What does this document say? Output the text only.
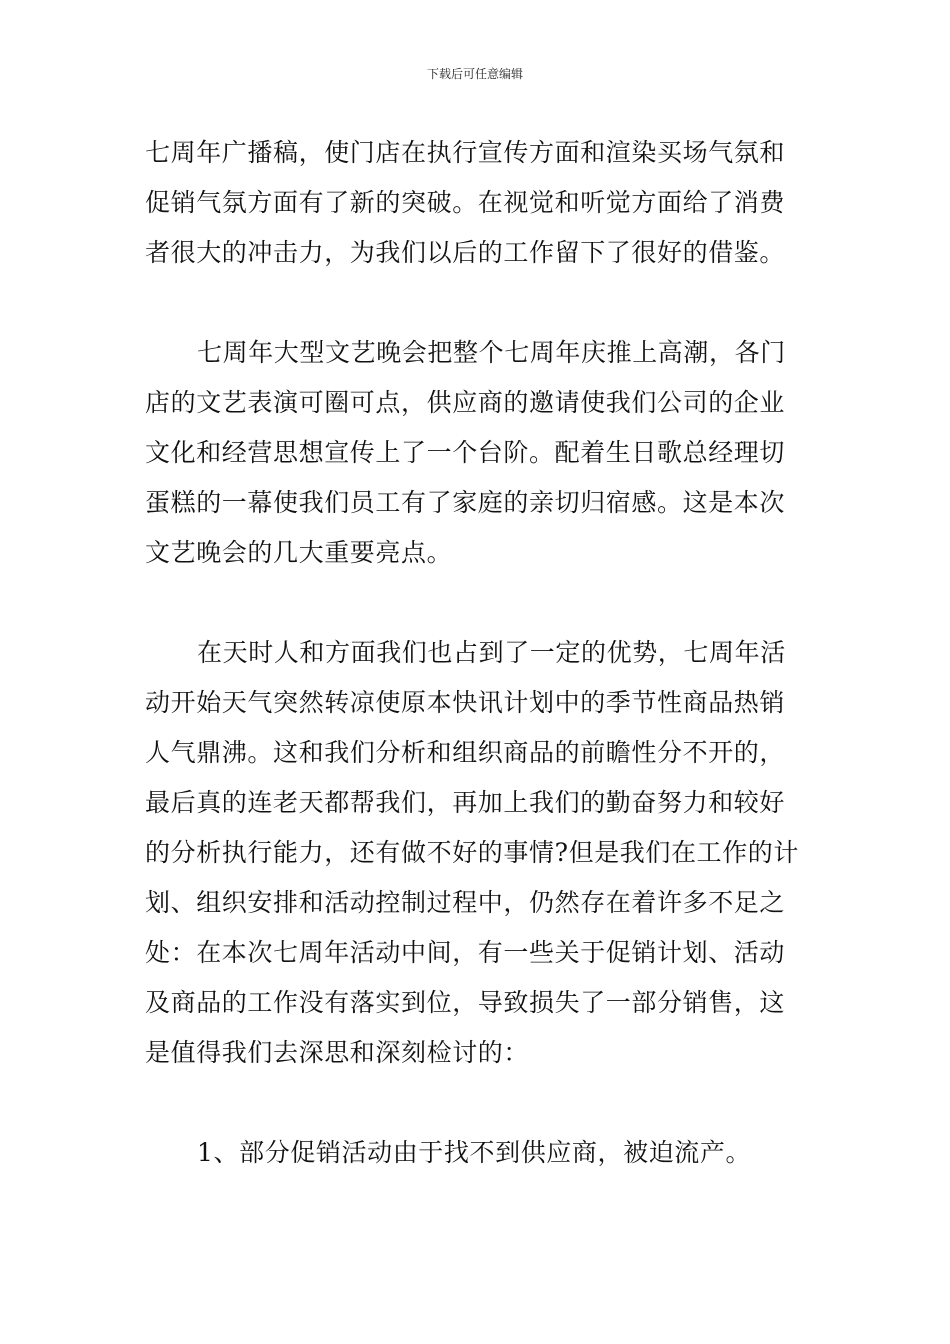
下载后可任意编辑

七周年广播稿，使门店在执行宣传方面和渲染买场气氛和
促销气氛方面有了新的突破。在视觉和听觉方面给了消费
者很大的冲击力，为我们以后的工作留下了很好的借鉴。

七周年大型文艺晚会把整个七周年庆推上高潮，各门
店的文艺表演可圈可点，供应商的邀请使我们公司的企业
文化和经营思想宣传上了一个台阶。配着生日歌总经理切
蛋糕的一幕使我们员工有了家庭的亲切归宿感。这是本次
文艺晚会的几大重要亮点。

在天时人和方面我们也占到了一定的优势，七周年活
动开始天气突然转凉使原本快讯计划中的季节性商品热销
人气鼎沸。这和我们分析和组织商品的前瞻性分不开的，
最后真的连老天都帮我们，再加上我们的勤奋努力和较好
的分析执行能力，还有做不好的事情?但是我们在工作的计
划、组织安排和活动控制过程中，仍然存在着许多不足之
处：在本次七周年活动中间，有一些关于促销计划、活动
及商品的工作没有落实到位，导致损失了一部分销售，这
是值得我们去深思和深刻检讨的：

1、部分促销活动由于找不到供应商，被迫流产。
